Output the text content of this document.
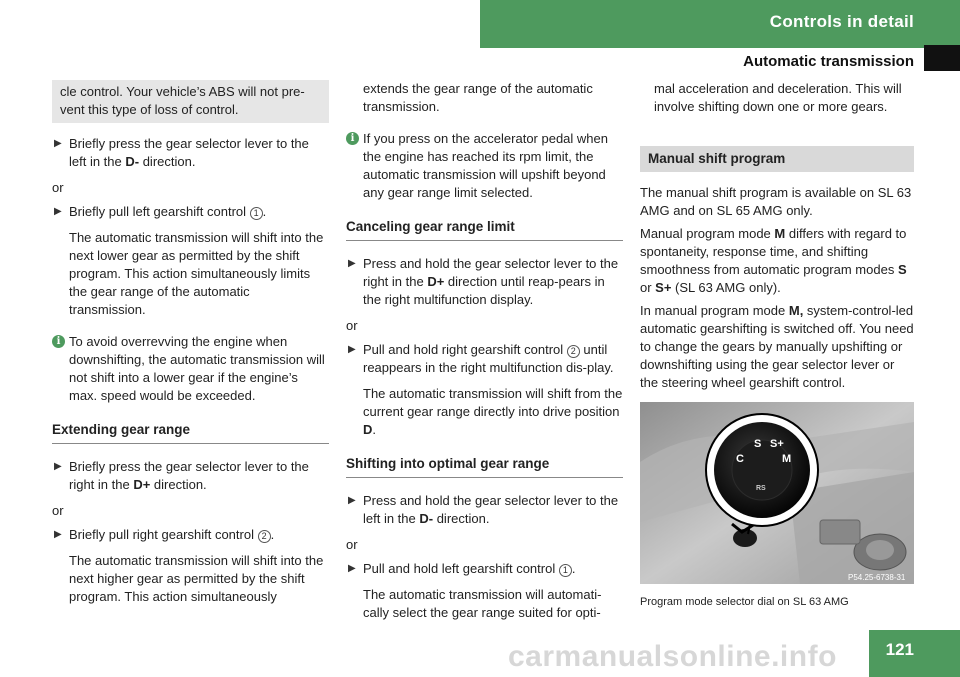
Controls in detail
Automatic transmission
cle control. Your vehicle’s ABS will not pre-vent this type of loss of control.
▶ Briefly press the gear selector lever to the left in the D- direction.
or
▶ Briefly pull left gearshift control 1 .
The automatic transmission will shift into the next lower gear as permitted by the shift program. This action simultaneously limits the gear range of the automatic transmission.
i To avoid overrevving the engine when downshifting, the automatic transmission will not shift into a lower gear if the engine’s max. speed would be exceeded.
Extending gear range
▶ Briefly press the gear selector lever to the right in the D+ direction.
or
▶ Briefly pull right gearshift control 2 .
The automatic transmission will shift into the next higher gear as permitted by the shift program. This action simultaneously
extends the gear range of the automatic transmission.
i If you press on the accelerator pedal when the engine has reached its rpm limit, the automatic transmission will upshift beyond any gear range limit selected.
Canceling gear range limit
▶ Press and hold the gear selector lever to the right in the D+ direction until reap-pears in the right multifunction display.
or
▶ Pull and hold right gearshift control 2 until reappears in the right multifunction dis-play.
The automatic transmission will shift from the current gear range directly into drive position D.
Shifting into optimal gear range
▶ Press and hold the gear selector lever to the left in the D- direction.
or
▶ Pull and hold left gearshift control 1 .
The automatic transmission will automati-cally select the gear range suited for opti-
mal acceleration and deceleration. This will involve shifting down one or more gears.
Manual shift program
The manual shift program is available on SL 63 AMG and on SL 65 AMG only.
Manual program mode M differs with regard to spontaneity, response time, and shifting smoothness from automatic program modes S or S+ (SL 63 AMG only).
In manual program mode M, system-control-led automatic gearshifting is switched off. You need to change the gears by manually upshifting or downshifting using the gear selector lever or the steering wheel gearshift control.
S S+
C	M
RS
P54.25-6738-31
Program mode selector dial on SL 63 AMG
carmanualsonline.info	121
